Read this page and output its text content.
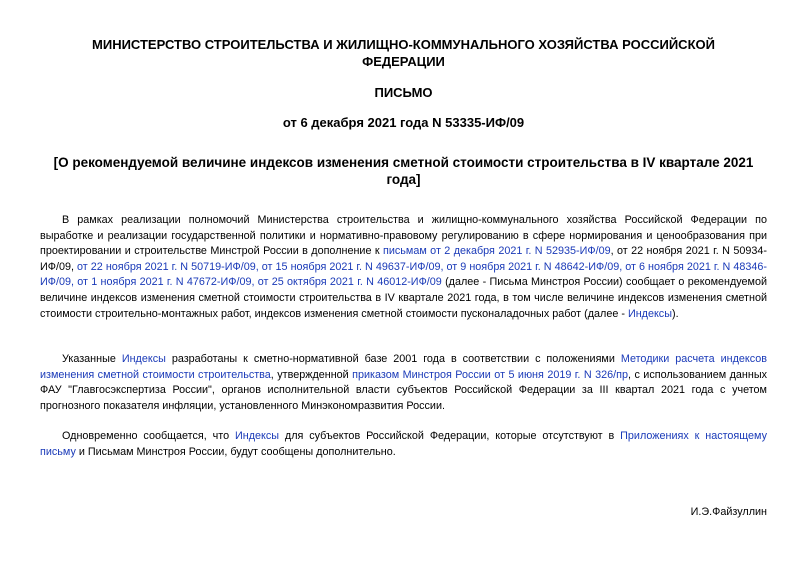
МИНИСТЕРСТВО СТРОИТЕЛЬСТВА И ЖИЛИЩНО-КОММУНАЛЬНОГО ХОЗЯЙСТВА РОССИЙСКОЙ ФЕДЕРАЦИИ

ПИСЬМО

от 6 декабря 2021 года N 53335-ИФ/09

[О рекомендуемой величине индексов изменения сметной стоимости строительства в IV квартале 2021 года]

В рамках реализации полномочий Министерства строительства и жилищно-коммунального хозяйства Российской Федерации по выработке и реализации государственной политики и нормативно-правовому регулированию в сфере нормирования и ценообразования при проектировании и строительстве Минстрой России в дополнение к письмам от 2 декабря 2021 г. N 52935-ИФ/09, от 22 ноября 2021 г. N 50934-ИФ/09, от 22 ноября 2021 г. N 50719-ИФ/09, от 15 ноября 2021 г. N 49637-ИФ/09, от 9 ноября 2021 г. N 48642-ИФ/09, от 6 ноября 2021 г. N 48346-ИФ/09, от 1 ноября 2021 г. N 47672-ИФ/09, от 25 октября 2021 г. N 46012-ИФ/09 (далее - Письма Минстроя России) сообщает о рекомендуемой величине индексов изменения сметной стоимости строительства в IV квартале 2021 года, в том числе величине индексов изменения сметной стоимости строительно-монтажных работ, индексов изменения сметной стоимости пусконаладочных работ (далее - Индексы).

Указанные Индексы разработаны к сметно-нормативной базе 2001 года в соответствии с положениями Методики расчета индексов изменения сметной стоимости строительства, утвержденной приказом Минстроя России от 5 июня 2019 г. N 326/пр, с использованием данных ФАУ "Главгосэкспертиза России", органов исполнительной власти субъектов Российской Федерации за III квартал 2021 года с учетом прогнозного показателя инфляции, установленного Минэкономразвития России.

Одновременно сообщается, что Индексы для субъектов Российской Федерации, которые отсутствуют в Приложениях к настоящему письму и Письмам Минстроя России, будут сообщены дополнительно.

И.Э.Файзуллин
